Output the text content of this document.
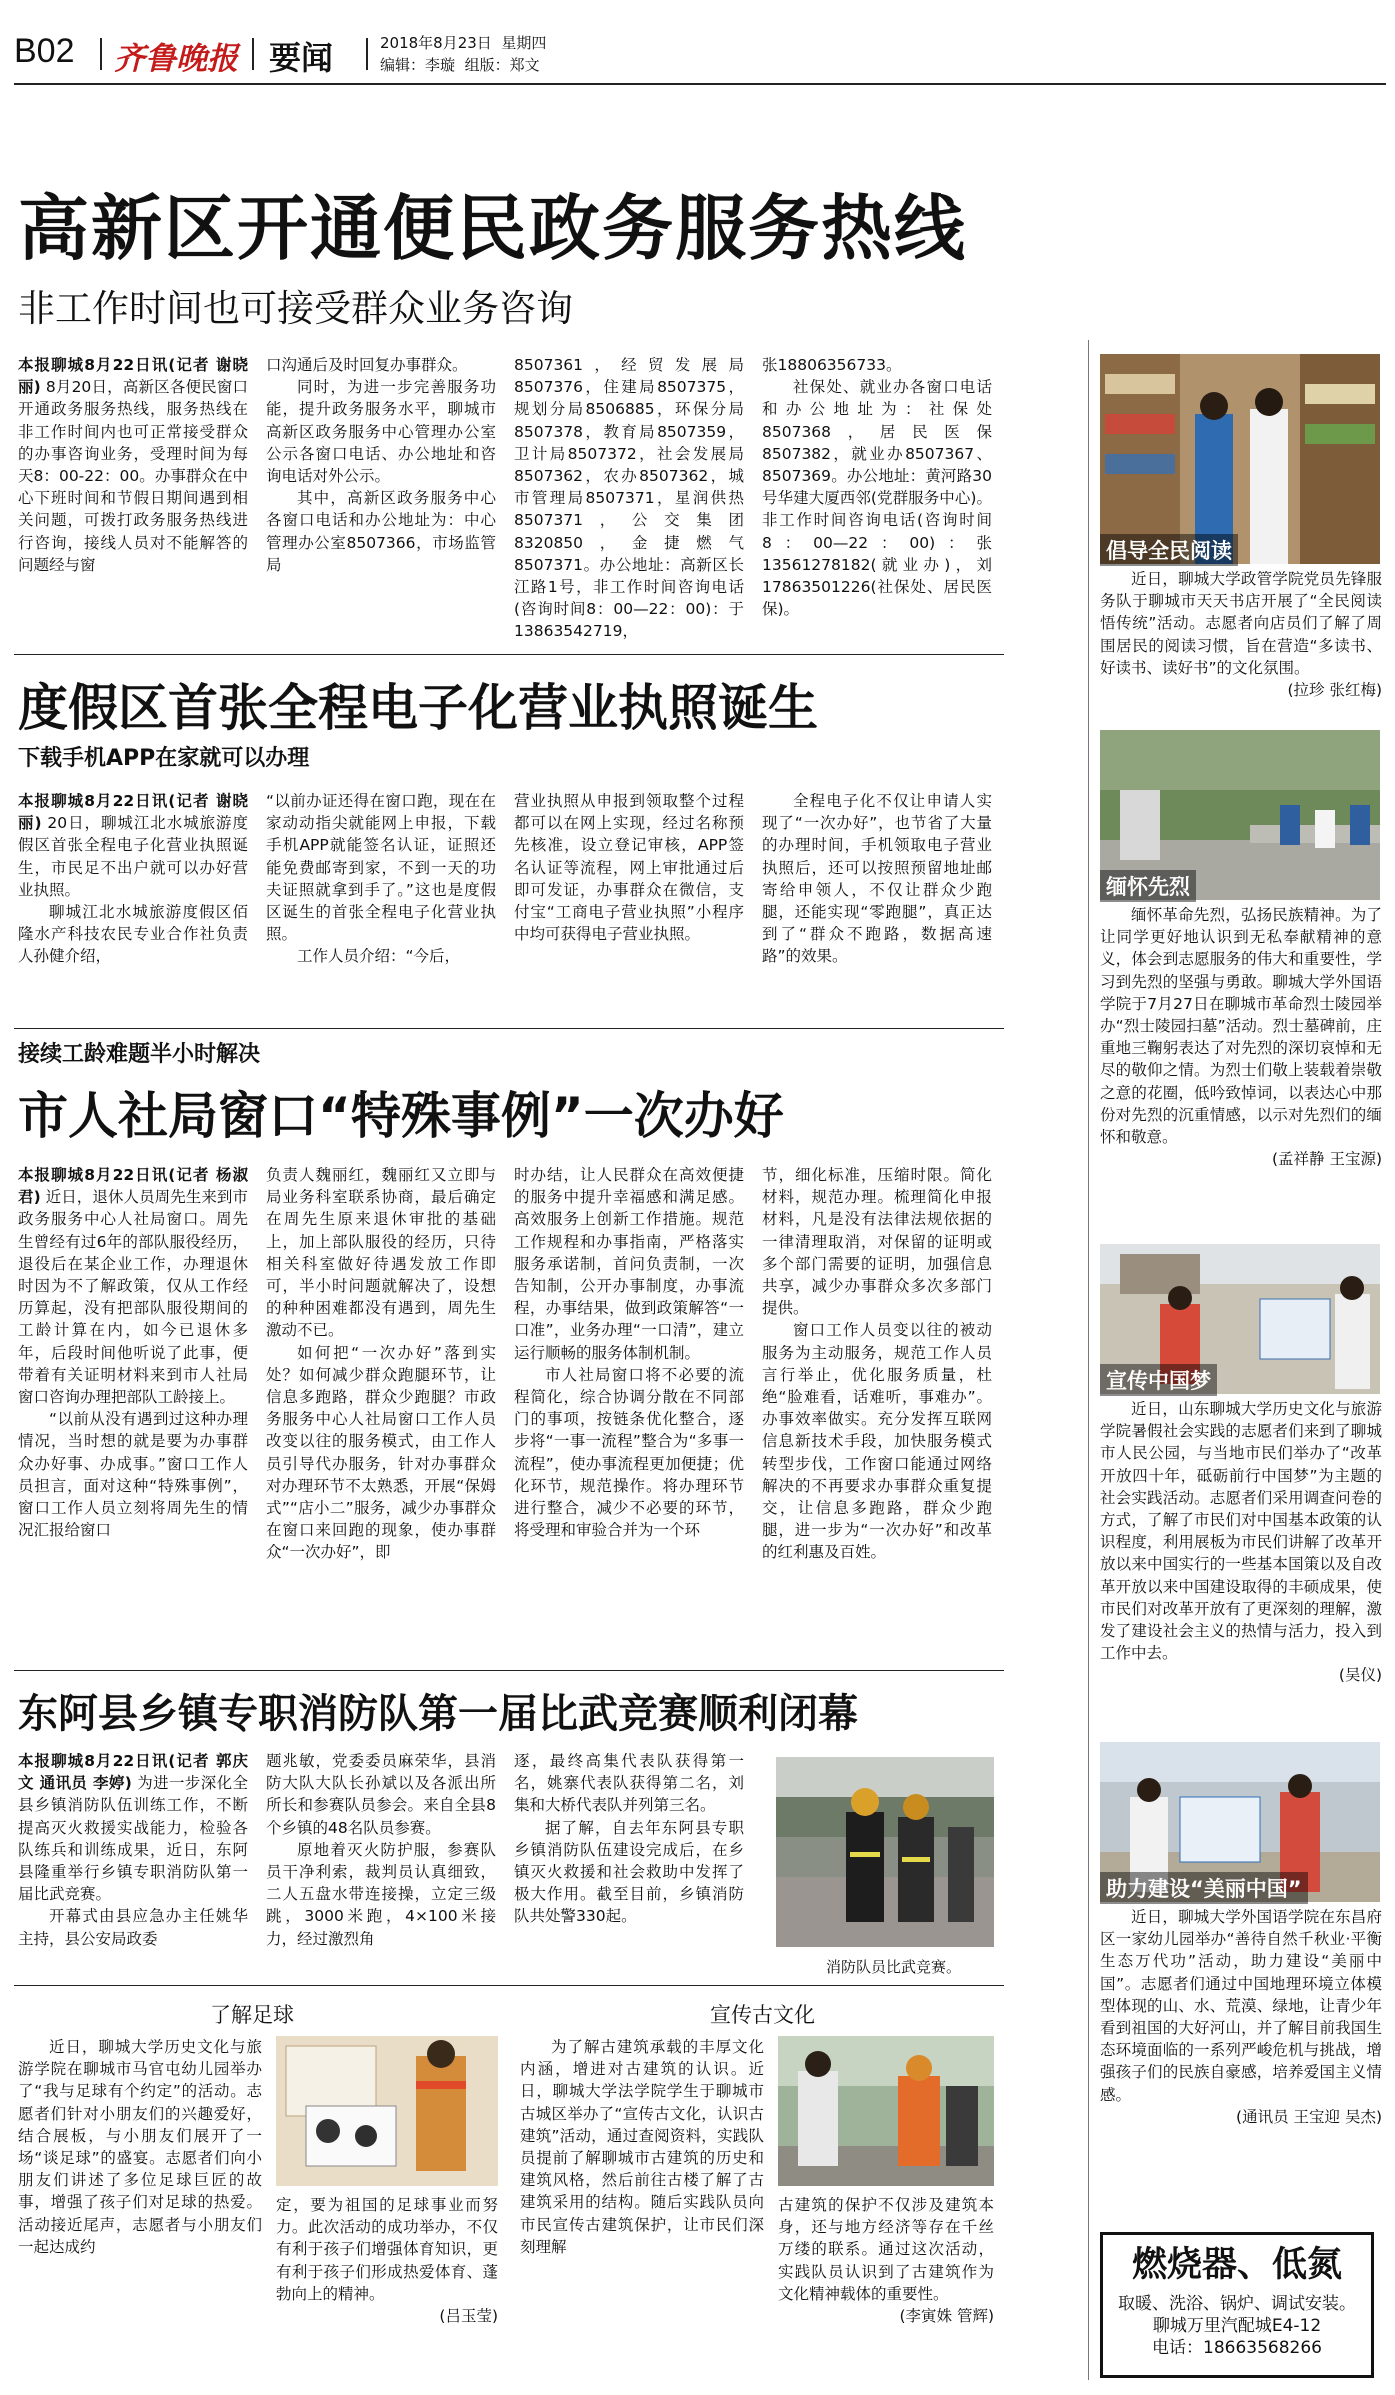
B02 齐鲁晚报 要闻	2018年8月23日 星期四
编辑：李璇 组版：郑文
高新区开通便民政务服务热线
非工作时间也可接受群众业务咨询

本报聊城8月22日讯(记者 谢晓丽) 8月20日，高新区各便民窗口开通政务服务热线，服务热线在非工作时间内也可正常接受群众的办事咨询业务，受理时间为每天8：00-22：00。办事群众在中心下班时间和节假日期间遇到相关问题，可拨打政务服务热线进行咨询，接线人员对不能解答的问题经与窗

口沟通后及时回复办事群众。

同时，为进一步完善服务功能，提升政务服务水平，聊城市高新区政务服务中心管理办公室公示各窗口电话、办公地址和咨询电话对外公示。

其中，高新区政务服务中心各窗口电话和办公地址为：中心管理办公室8507366，市场监管局

8507361，经贸发展局8507376，住建局8507375，规划分局8506885，环保分局8507378，教育局8507359，卫计局8507372，社会发展局8507362，农办8507362，城市管理局8507371，星润供热8507371，公交集团8320850，金捷燃气8507371。办公地址：高新区长江路1号，非工作时间咨询电话(咨询时间8：00—22：00)：于13863542719，

张18806356733。

社保处、就业办各窗口电话和办公地址为：社保处8507368，居民医保8507382，就业办8507367、8507369。办公地址：黄河路30号华建大厦西邻(党群服务中心)。非工作时间咨询电话(咨询时间8：00—22：00)：张13561278182(就业办)，刘17863501226(社保处、居民医保)。

度假区首张全程电子化营业执照诞生
下载手机APP在家就可以办理

本报聊城8月22日讯(记者 谢晓丽) 20日，聊城江北水城旅游度假区首张全程电子化营业执照诞生，市民足不出户就可以办好营业执照。

聊城江北水城旅游度假区佰隆水产科技农民专业合作社负责人孙健介绍，

“以前办证还得在窗口跑，现在在家动动指尖就能网上申报，下载手机APP就能签名认证，证照还能免费邮寄到家，不到一天的功夫证照就拿到手了。”这也是度假区诞生的首张全程电子化营业执照。

工作人员介绍：“今后，

营业执照从申报到领取整个过程都可以在网上实现，经过名称预先核准，设立登记审核，APP签名认证等流程，网上审批通过后即可发证，办事群众在微信，支付宝“工商电子营业执照”小程序中均可获得电子营业执照。

全程电子化不仅让申请人实现了“一次办好”，也节省了大量的办理时间，手机领取电子营业执照后，还可以按照预留地址邮寄给申领人，不仅让群众少跑腿，还能实现“零跑腿”，真正达到了“群众不跑路，数据高速路”的效果。

接续工龄难题半小时解决
市人社局窗口“特殊事例”一次办好

本报聊城8月22日讯(记者 杨淑君) 近日，退休人员周先生来到市政务服务中心人社局窗口。周先生曾经有过6年的部队服役经历，退役后在某企业工作，办理退休时因为不了解政策，仅从工作经历算起，没有把部队服役期间的工龄计算在内，如今已退休多年，后段时间他听说了此事，便带着有关证明材料来到市人社局窗口咨询办理把部队工龄接上。

“以前从没有遇到过这种办理情况，当时想的就是要为办事群众办好事、办成事。”窗口工作人员担言，面对这种“特殊事例”，窗口工作人员立刻将周先生的情况汇报给窗口

负责人魏丽红，魏丽红又立即与局业务科室联系协商，最后确定在周先生原来退休审批的基础上，加上部队服役的经历，只待相关科室做好待遇发放工作即可，半小时问题就解决了，设想的种种困难都没有遇到，周先生激动不已。

如何把“一次办好”落到实处？如何减少群众跑腿环节，让信息多跑路，群众少跑腿？市政务服务中心人社局窗口工作人员改变以往的服务模式，由工作人员引导代办服务，针对办事群众对办理环节不太熟悉，开展“保姆式”“店小二”服务，减少办事群众在窗口来回跑的现象，使办事群众“一次办好”，即

时办结，让人民群众在高效便捷的服务中提升幸福感和满足感。高效服务上创新工作措施。规范工作规程和办事指南，严格落实服务承诺制，首问负责制，一次告知制，公开办事制度，办事流程，办事结果，做到政策解答“一口准”，业务办理“一口清”，建立运行顺畅的服务体制机制。

市人社局窗口将不必要的流程简化，综合协调分散在不同部门的事项，按链条优化整合，逐步将“一事一流程”整合为“多事一流程”，使办事流程更加便捷；优化环节，规范操作。将办理环节进行整合，减少不必要的环节，将受理和审验合并为一个环

节，细化标准，压缩时限。简化材料，规范办理。梳理简化申报材料，凡是没有法律法规依据的一律清理取消，对保留的证明或多个部门需要的证明，加强信息共享，减少办事群众多次多部门提供。

窗口工作人员变以往的被动服务为主动服务，规范工作人员言行举止，优化服务质量，杜绝“脸难看，话难听，事难办”。办事效率做实。充分发挥互联网信息新技术手段，加快服务模式转型步伐，工作窗口能通过网络解决的不再要求办事群众重复提交，让信息多跑路，群众少跑腿，进一步为“一次办好”和改革的红利惠及百姓。

东阿县乡镇专职消防队第一届比武竞赛顺利闭幕

本报聊城8月22日讯(记者 郭庆文 通讯员 李婷) 为进一步深化全县乡镇消防队伍训练工作，不断提高灭火救援实战能力，检验各队练兵和训练成果，近日，东阿县隆重举行乡镇专职消防队第一届比武竞赛。

开幕式由县应急办主任姚华主持，县公安局政委

题兆敏，党委委员麻荣华，县消防大队大队长孙斌以及各派出所所长和参赛队员参会。来自全县8个乡镇的48名队员参赛。

原地着灭火防护服，参赛队员干净利索，裁判员认真细致，二人五盘水带连接操，立定三级跳，3000米跑，4×100米接力，经过激烈角

逐，最终高集代表队获得第一名，姚寨代表队获得第二名，刘集和大桥代表队并列第三名。

据了解，自去年东阿县专职乡镇消防队伍建设完成后，在乡镇灭火救援和社会救助中发挥了极大作用。截至目前，乡镇消防队共处警330起。

消防队员比武竞赛。
了解足球	宣传古文化

近日，聊城大学历史文化与旅游学院在聊城市马官屯幼儿园举办了“我与足球有个约定”的活动。志愿者们针对小朋友们的兴趣爱好，结合展板，与小朋友们展开了一场“谈足球”的盛宴。志愿者们向小朋友们讲述了多位足球巨匠的故事，增强了孩子们对足球的热爱。活动接近尾声，志愿者与小朋友们一起达成约

定，要为祖国的足球事业而努力。此次活动的成功举办，不仅有利于孩子们增强体育知识，更有利于孩子们形成热爱体育、蓬勃向上的精神。

(吕玉莹)

为了解古建筑承载的丰厚文化内涵，增进对古建筑的认识。近日，聊城大学法学院学生于聊城市古城区举办了“宣传古文化，认识古建筑”活动，通过查阅资料，实践队员提前了解聊城市古建筑的历史和建筑风格，然后前往古楼了解了古建筑采用的结构。随后实践队员向市民宣传古建筑保护，让市民们深刻理解

古建筑的保护不仅涉及建筑本身，还与地方经济等存在千丝万缕的联系。通过这次活动，实践队员认识到了古建筑作为文化精神载体的重要性。

(李寅姝 管辉)
倡导全民阅读

近日，聊城大学政管学院党员先锋服务队于聊城市天天书店开展了“全民阅读悟传统”活动。志愿者向店员们了解了周围居民的阅读习惯，旨在营造“多读书、好读书、读好书”的文化氛围。

(拉珍 张红梅)
缅怀先烈

缅怀革命先烈，弘扬民族精神。为了让同学更好地认识到无私奉献精神的意义，体会到志愿服务的伟大和重要性，学习到先烈的坚强与勇敢。聊城大学外国语学院于7月27日在聊城市革命烈士陵园举办“烈士陵园扫墓”活动。烈士墓碑前，庄重地三鞠躬表达了对先烈的深切哀悼和无尽的敬仰之情。为烈士们敬上装载着崇敬之意的花圈，低吟致悼词，以表达心中那份对先烈的沉重情感，以示对先烈们的缅怀和敬意。

(孟祥静 王宝源)
宣传中国梦

近日，山东聊城大学历史文化与旅游学院暑假社会实践的志愿者们来到了聊城市人民公园，与当地市民们举办了“改革开放四十年，砥砺前行中国梦”为主题的社会实践活动。志愿者们采用调查问卷的方式，了解了市民们对中国基本政策的认识程度，利用展板为市民们讲解了改革开放以来中国实行的一些基本国策以及自改革开放以来中国建设取得的丰硕成果，使市民们对改革开放有了更深刻的理解，激发了建设社会主义的热情与活力，投入到工作中去。

(吴仪)
助力建设“美丽中国”

近日，聊城大学外国语学院在东昌府区一家幼儿园举办“善待自然千秋业·平衡生态万代功”活动，助力建设“美丽中国”。志愿者们通过中国地理环境立体模型体现的山、水、荒漠、绿地，让青少年看到祖国的大好河山，并了解目前我国生态环境面临的一系列严峻危机与挑战，增强孩子们的民族自豪感，培养爱国主义情感。

(通讯员 王宝迎 吴杰)
燃烧器、低氮
取暖、洗浴、锅炉、调试安装。
聊城万里汽配城E4-12
电话：18663568266
